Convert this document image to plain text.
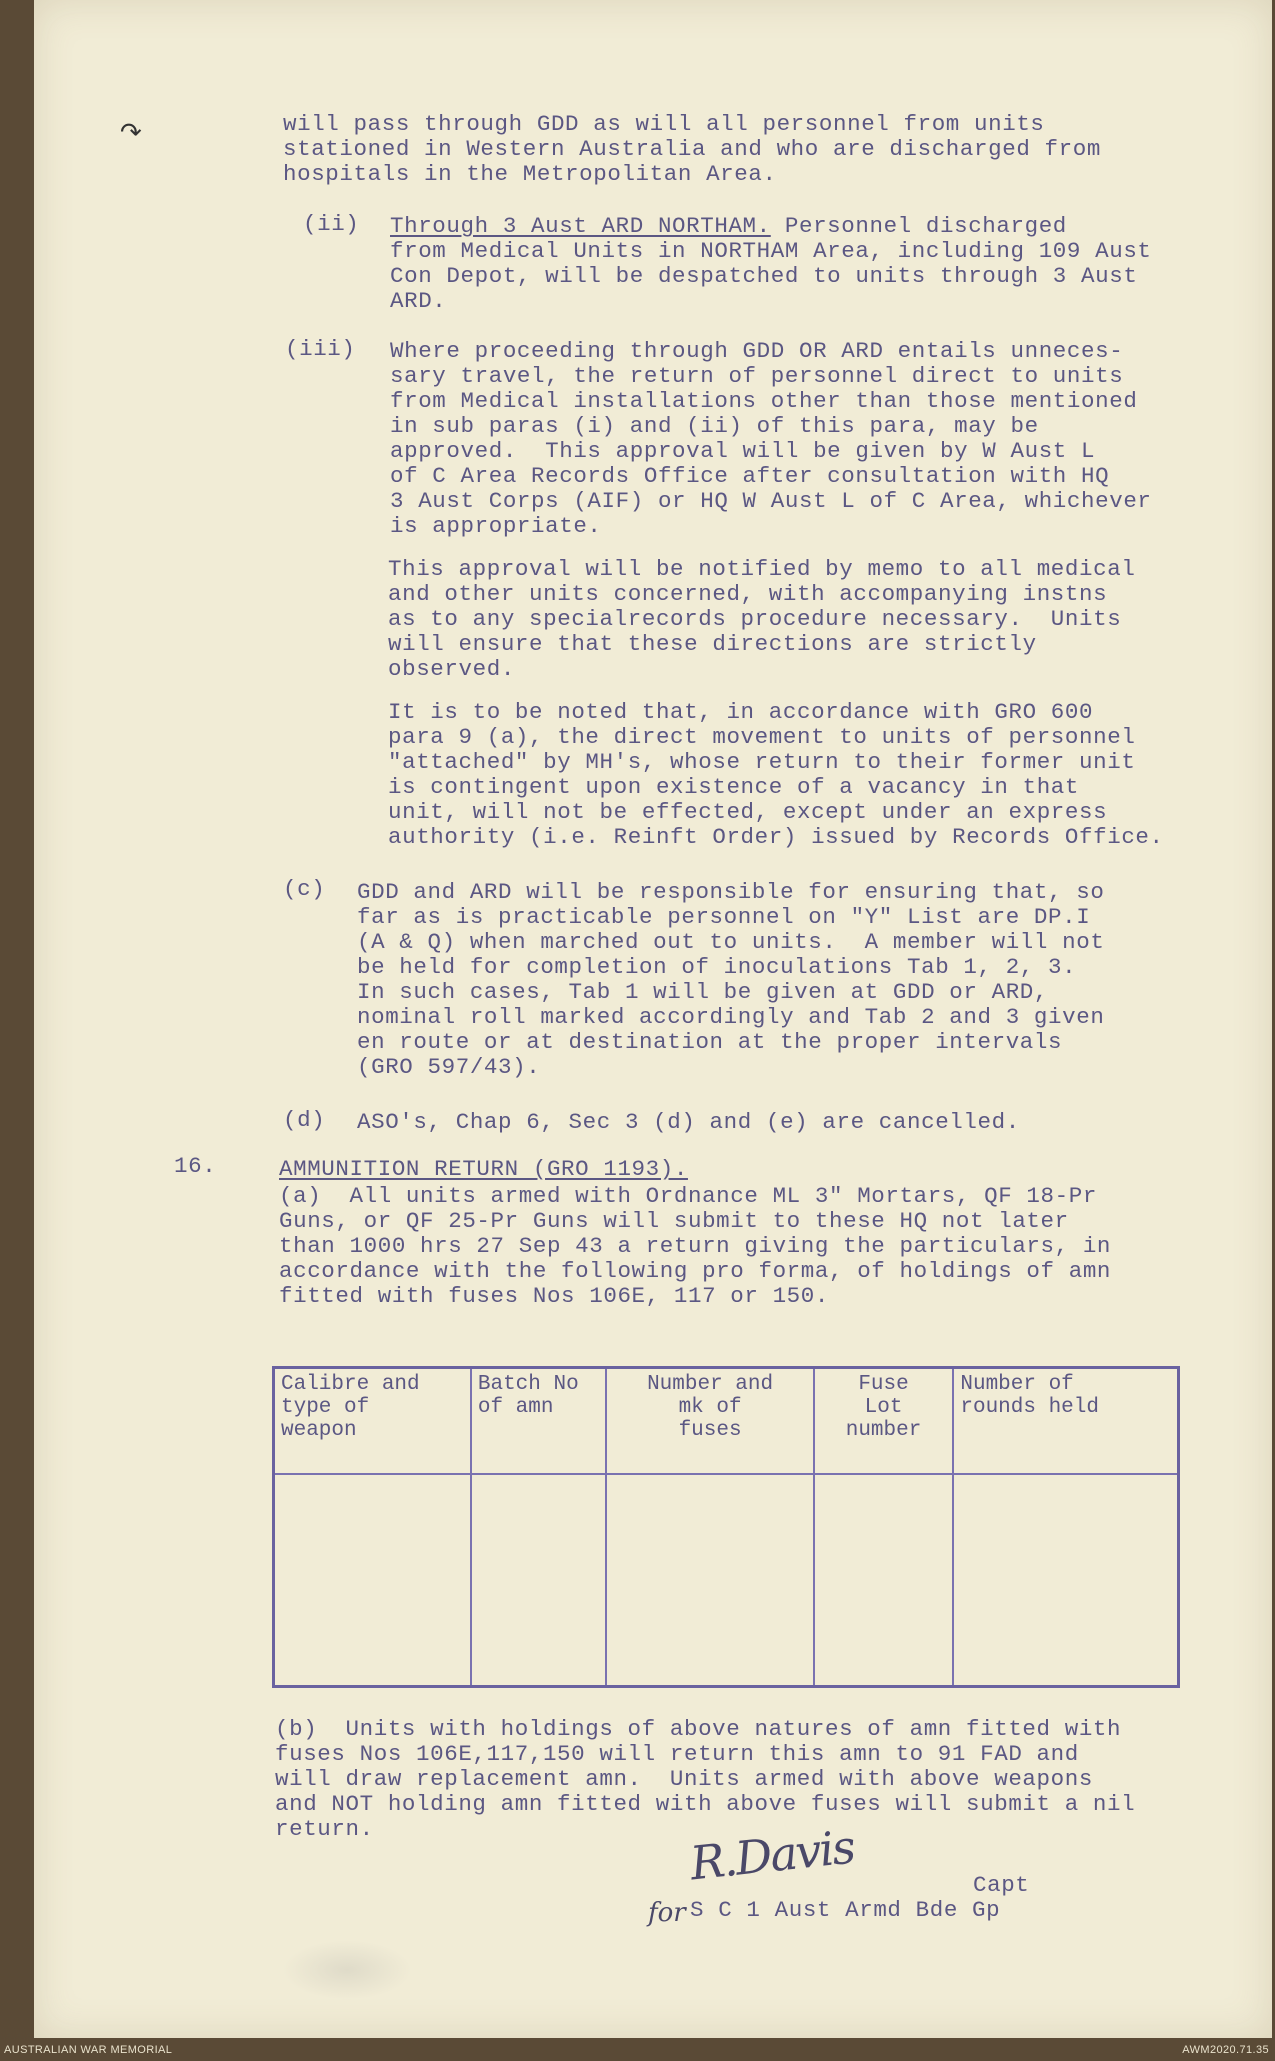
↷	will pass through GDD as will all personnel from units
stationed in Western Australia and who are discharged from
hospitals in the Metropolitan Area.
(ii) Through 3 Aust ARD NORTHAM. Personnel discharged
from Medical Units in NORTHAM Area, including 109 Aust
Con Depot, will be despatched to units through 3 Aust
ARD.
(iii) Where proceeding through GDD OR ARD entails unneces-
sary travel, the return of personnel direct to units
from Medical installations other than those mentioned
in sub paras (i) and (ii) of this para, may be
approved.  This approval will be given by W Aust L
of C Area Records Office after consultation with HQ
3 Aust Corps (AIF) or HQ W Aust L of C Area, whichever
is appropriate.
This approval will be notified by memo to all medical
and other units concerned, with accompanying instns
as to any specialrecords procedure necessary.  Units
will ensure that these directions are strictly
observed.
It is to be noted that, in accordance with GRO 600
para 9 (a), the direct movement to units of personnel
"attached" by MH's, whose return to their former unit
is contingent upon existence of a vacancy in that
unit, will not be effected, except under an express
authority (i.e. Reinft Order) issued by Records Office.
(c) GDD and ARD will be responsible for ensuring that, so
far as is practicable personnel on "Y" List are DP.I
(A & Q) when marched out to units.  A member will not
be held for completion of inoculations Tab 1, 2, 3.
In such cases, Tab 1 will be given at GDD or ARD,
nominal roll marked accordingly and Tab 2 and 3 given
en route or at destination at the proper intervals
(GRO 597/43).
(d) ASO's, Chap 6, Sec 3 (d) and (e) are cancelled.
16.	AMMUNITION RETURN (GRO 1193).
(a)  All units armed with Ordnance ML 3" Mortars, QF 18-Pr
Guns, or QF 25-Pr Guns will submit to these HQ not later
than 1000 hrs 27 Sep 43 a return giving the particulars, in
accordance with the following pro forma, of holdings of amn
fitted with fuses Nos 106E, 117 or 150.
Calibre and
type of
weapon	Batch No
of amn	Number and
mk of
fuses	Fuse
Lot
number	Number of
rounds held

(b)  Units with holdings of above natures of amn fitted with
fuses Nos 106E,117,150 will return this amn to 91 FAD and
will draw replacement amn.  Units armed with above weapons
and NOT holding amn fitted with above fuses will submit a nil
return.	R.Davis	Capt
for S C 1 Aust Armd Bde Gp
AUSTRALIAN WAR MEMORIAL	AWM2020.71.35
